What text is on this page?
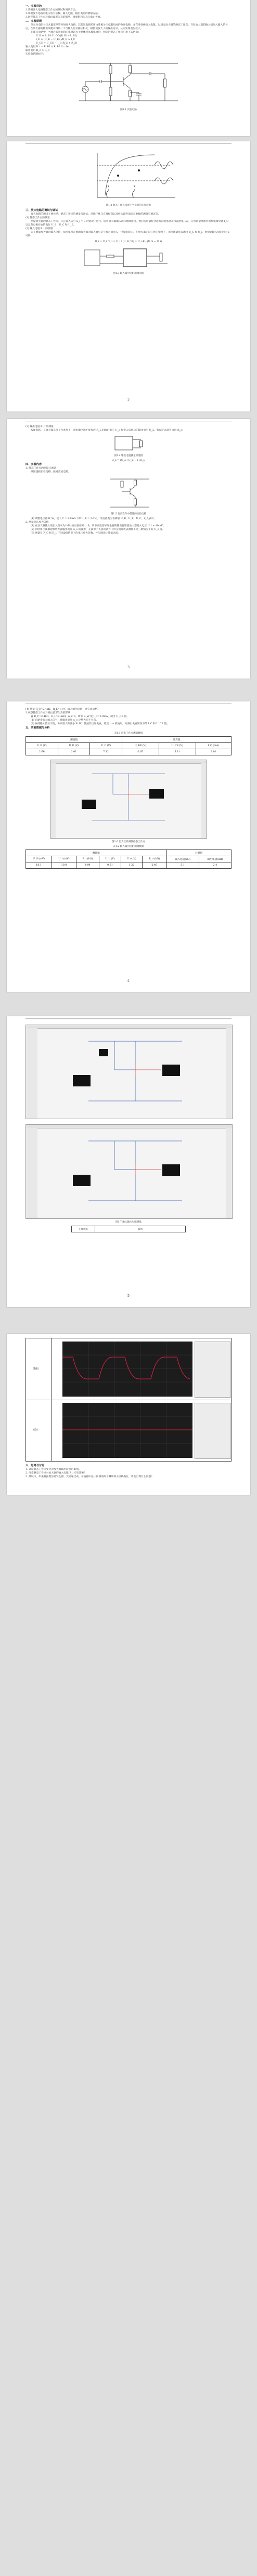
一、实验目的

1.掌握放大电路静态工作点的测试和调试方法。

2.掌握放大电路的电压放大倍数、输入电阻、输出电阻的测量方法。

3.研究静态工作点对输出波形失真的影响，观察饱和失真与截止失真。

二、实验原理

图示为电阻分压式偏置单管共射放大电路，其偏置电路采用由基极分压电阻组成的分压电路，并在发射极接入电阻，以稳定放大器的静态工作点。当在放大器的输入端加入输入信号后，在放大器的输出端便可得到一个与输入信号相位相反、幅值被放大了的输出信号，从而实现电压放大。

在图示电路中，当流过偏置电阻的电流远大于晶体管基极电流时，则它的静态工作点可用下式估算：

U_B ≈ R_B1·U_CC/(R_B1+R_B2)

I_E ≈ (U_B − U_BE)/R_E ≈ I_C

U_CE = U_CC − I_C(R_C + R_E)

输入电阻 R_i = R_B1 // R_B2 // r_be

输出电阻 R_o ≈ R_C

实验电路图如下：

图1.1 实验电路

图1.2 静态工作点设置不当引起的失真波形

三、放大电路的测试与调试

放大电路的测试主要包括：静态工作点的测量与调试、消除干扰与自激振荡以及放大器各项动态参数的测量与调试等。

(1) 静态工作点的测量

测量放大器的静态工作点，应在输入信号 u_i = 0 的情况下进行，即将放大器输入端与地端短接，然后选用量程合适的直流电流表和直流电压表，分别测量晶体管的集电极电流 I_C 以及各电极对地的电位 U_B、U_C 和 U_E。

(2) 输入电阻 R_i 的测量

为了测量放大器的输入电阻，按图电路在被测放大器的输入端与信号源之间串入一已知电阻 R，在放大器正常工作的情况下，用交流毫伏表测出 U_S 和 U_i，则根据输入电阻的定义可得：

R_i = U_i / I_i = U_i / (U_R / R) = U_i·R / (U_S − U_i)

图1.3 输入输出电阻测量电路

2

(3) 输出电阻 R_o 的测量

按图电路，在放大器正常工作条件下，测出输出端不接负载 R_L 的输出电压 U_o 和接入负载后的输出电压 U_L，根据下式即可求出 R_o：

图1.4 输出电阻测量原理图

R_o = (U_o / U_L − 1) R_L

四、实验内容

1. 静态工作点的测量与调试

按图连接实验电路，接通直流电源。

图1.5 仿真软件中搭建的实验电路

(1) 调整电位器 R_W，使 I_C = 2.0mA（即 U_E = 2.0V），用直流电压表测量 U_B、U_E、U_C，记入表中。

2. 测量电压放大倍数

(1) 在放大器输入端加入频率为1kHz的正弦信号 u_S，调节函数信号发生器的输出旋钮使放大器输入电压 U_i ≈ 10mV。

(2) 同时用示波器观察放大器输出电压 u_o 的波形，在波形不失真的条件下用交流毫伏表测量下述三种情况下的 U_o 值。

(3) 测量在 R_C 和 R_L 不同取值情况下的电压放大倍数，并与理论计算值比较。

3

(4) 测量 R_C=2.4kΩ、R_L=∞ 时，输入输出电阻，并完成表格。

3.观察静态工作点对输出波形失真的影响

置 R_C=2.4kΩ，R_L=2.4kΩ，u_i=0，调节 R_W 使 I_C=2.0mA，测出 U_CE 值。

(1) 再逐步加大输入信号，使输出电压 u_o 足够大但不失真。

(2) 保持输入信号不变，分别增大和减小 R_W，使波形出现失真，绘出 u_o 的波形，并测出失真情况下的 I_C 和 U_CE 值。

五、实验数据与分析

表1.1 静态工作点测量数据

测量值			计算值		
U_B (V)	U_E (V)	U_C (V)	U_BE (V)	U_CE (V)	I_C (mA)
2.66	2.01	7.12	0.65	5.11	2.01

图1.6 仿真软件测量静态工作点

表1.2 输入输出电阻测量数据

测量值						计算值	
U_S (mV)	U_i (mV)	R_i (kΩ)	U_L (V)	U_o (V)	R_o (kΩ)	输入电阻(kΩ)	输出电阻(kΩ)
18.1	10.0	4.94	0.61	1.22	2.40	5.1	2.4
4

图1.7 输入输出电阻测量

工作状态	波形
5
饱和
截止

六、思考与讨论

1. 讨论静态工作点变化对放大器输出波形的影响。

2. 改变静态工作点对放大器的输入电阻 R_i 有否影响？

3. 测试中，如果将函数信号发生器、交流毫伏表、示波器中任一仪器的两个测试端子接线换位，将会出现什么问题？
